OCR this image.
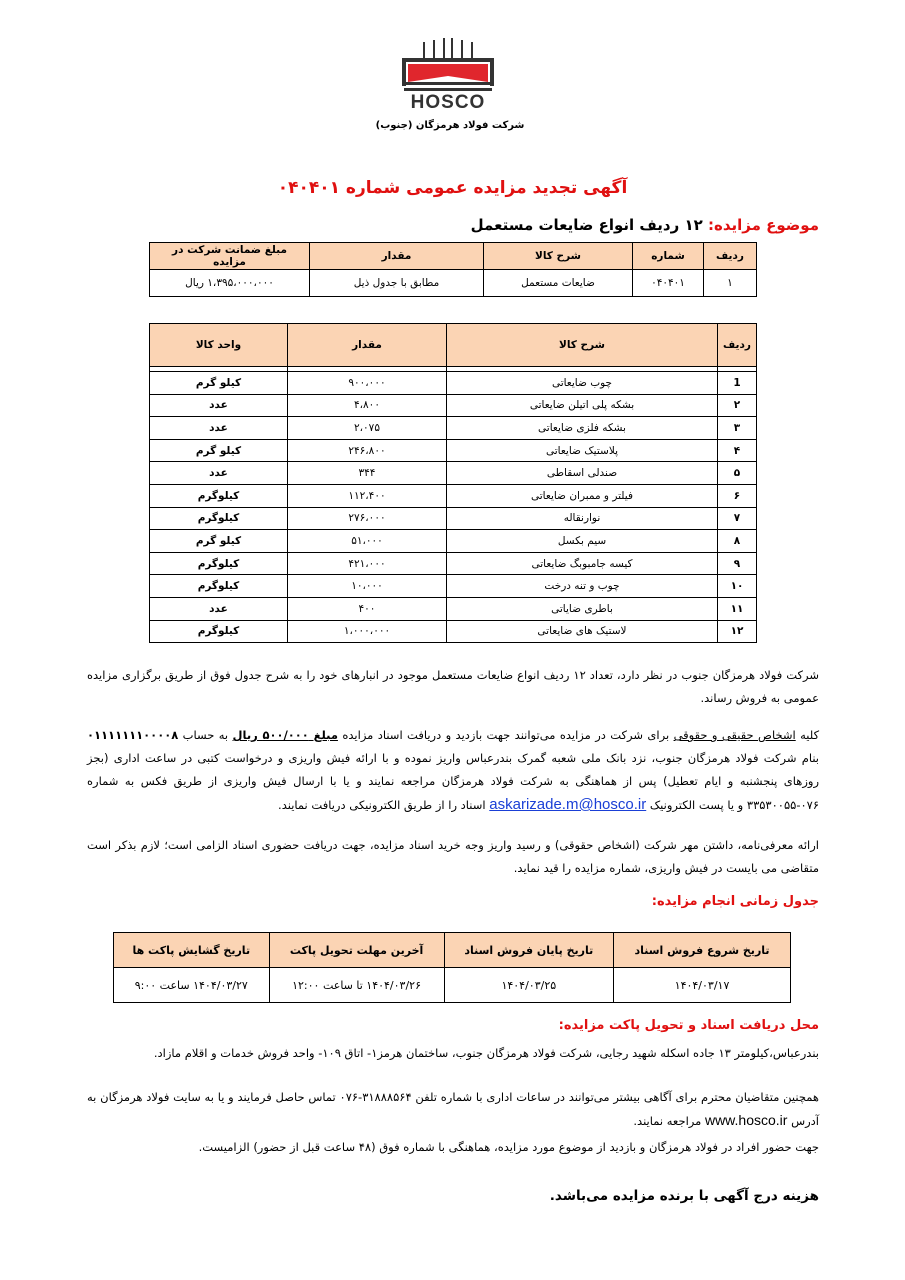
HOSCO
شرکت فولاد هرمزگان (جنوب)
آگهی تجدید مزایده عمومی شماره ۰۴۰۴۰۱
موضوع مزایده: ۱۲ ردیف انواع ضایعات مستعمل
ردیف	شماره	شرح کالا	مقدار	مبلغ ضمانت شرکت در مزایده
۱	۰۴۰۴۰۱	ضایعات مستعمل	مطابق با جدول ذیل	۱،۳۹۵،۰۰۰،۰۰۰ ریال
ردیف	شرح کالا	مقدار	واحد کالا

1	چوب ضایعاتی	۹۰۰،۰۰۰	کیلو گرم
۲	بشکه پلی اتیلن ضایعاتی	۴،۸۰۰	عدد
۳	بشکه فلزی ضایعاتی	۲،۰۷۵	عدد
۴	پلاستیک ضایعاتی	۲۴۶،۸۰۰	کیلو گرم
۵	صندلی اسقاطی	۳۴۴	عدد
۶	فیلتر و ممبران ضایعاتی	۱۱۲،۴۰۰	کیلوگرم
۷	نوارنقاله	۲۷۶،۰۰۰	کیلوگرم
۸	سیم بکسل	۵۱،۰۰۰	کیلو گرم
۹	کیسه جامبوبگ ضایعاتی	۴۲۱،۰۰۰	کیلوگرم
۱۰	چوب و تنه درخت	۱۰،۰۰۰	کیلوگرم
۱۱	باطری ضایاتی	۴۰۰	عدد
۱۲	لاستیک های ضایعاتی	۱،۰۰۰،۰۰۰	کیلوگرم
شرکت فولاد هرمزگان جنوب در نظر دارد، تعداد ۱۲ ردیف انواع ضایعات مستعمل موجود در انبارهای خود را به شرح جدول فوق از طریق برگزاری مزایده عمومی به فروش رساند.
کلیه اشخاص حقیقی و حقوقی برای شرکت در مزایده می‌توانند جهت بازدید و دریافت اسناد مزایده مبلغ ۵۰۰/۰۰۰ ریال به حساب ۰۱۱۱۱۱۱۱۰۰۰۰۸ بنام شرکت فولاد هرمزگان جنوب، نزد بانک ملی شعبه گمرک بندرعباس واریز نموده و با ارائه فیش واریزی و درخواست کتبی در ساعت اداری (بجز روزهای پنجشنبه و ایام تعطیل) پس از هماهنگی به شرکت فولاد هرمزگان مراجعه نمایند و یا با ارسال فیش واریزی از طریق فکس به شماره ۰۷۶-۳۳۵۳۰۰۵۵ و یا پست الکترونیک askarizade.m@hosco.ir اسناد را از طریق الکترونیکی دریافت نمایند.
ارائه معرفی‌نامه، داشتن مهر شرکت (اشخاص حقوقی) و رسید واریز وجه خرید اسناد مزایده، جهت دریافت حضوری اسناد الزامی است؛ لازم بذکر است متقاضی می بایست در فیش واریزی، شماره مزایده را قید نماید.
جدول زمانی انجام مزایده:
تاریخ شروع فروش اسناد	تاریخ پایان فروش اسناد	آخرین مهلت تحویل پاکت	تاریخ گشایش پاکت ها
۱۴۰۴/۰۳/۱۷	۱۴۰۴/۰۳/۲۵	۱۴۰۴/۰۳/۲۶ تا ساعت ۱۲:۰۰	۱۴۰۴/۰۳/۲۷ ساعت ۹:۰۰
محل دریافت اسناد و تحویل پاکت مزایده:
بندرعباس،کیلومتر ۱۳ جاده اسکله شهید رجایی، شرکت فولاد هرمزگان جنوب، ساختمان هرمز۱- اتاق ۱۰۹- واحد فروش خدمات و اقلام مازاد.
همچنین متقاضیان محترم برای آگاهی بیشتر می‌توانند در ساعات اداری با شماره تلفن ۳۱۸۸۸۵۶۴-۰۷۶ تماس حاصل فرمایند و یا به سایت فولاد هرمزگان به آدرس www.hosco.ir مراجعه نمایند.
جهت حضور افراد در فولاد هرمزگان و بازدید از موضوع مورد مزایده، هماهنگی با شماره فوق (۴۸ ساعت قبل از حضور) الزامیست.
هزینه درج آگهی با برنده مزایده می‌باشد.
